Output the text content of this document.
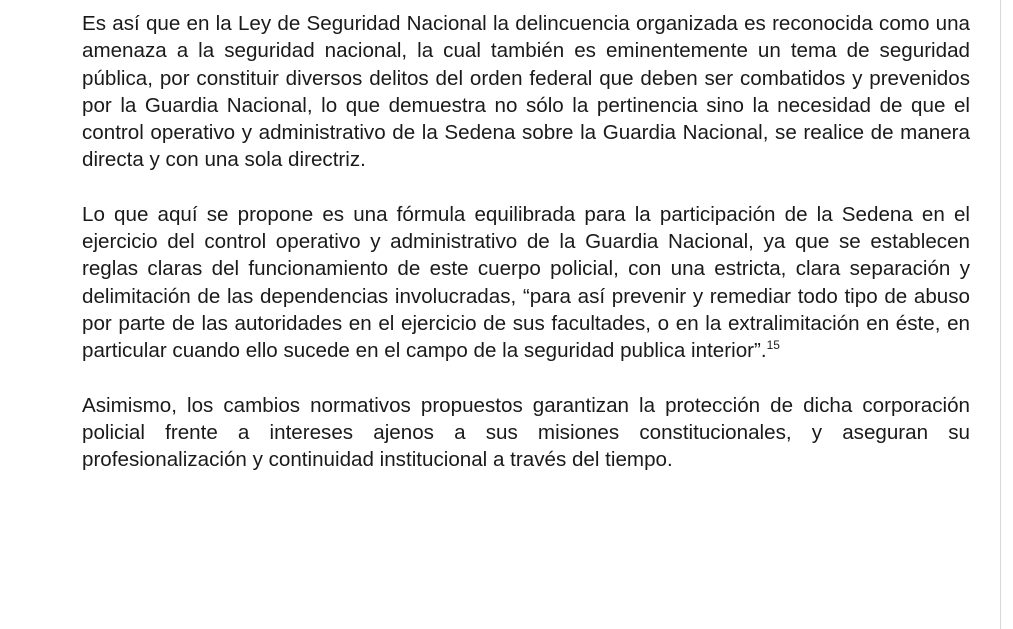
Es así que en la Ley de Seguridad Nacional la delincuencia organizada es reconocida como una amenaza a la seguridad nacional, la cual también es eminentemente un tema de seguridad pública, por constituir diversos delitos del orden federal que deben ser combatidos y prevenidos por la Guardia Nacional, lo que demuestra no sólo la pertinencia sino la necesidad de que el control operativo y administrativo de la Sedena sobre la Guardia Nacional, se realice de manera directa y con una sola directriz.

Lo que aquí se propone es una fórmula equilibrada para la participación de la Sedena en el ejercicio del control operativo y administrativo de la Guardia Nacional, ya que se establecen reglas claras del funcionamiento de este cuerpo policial, con una estricta, clara separación y delimitación de las dependencias involucradas, “para así prevenir y remediar todo tipo de abuso por parte de las autoridades en el ejercicio de sus facultades, o en la extralimitación en éste, en particular cuando ello sucede en el campo de la seguridad publica interior”.$^{15}$

Asimismo, los cambios normativos propuestos garantizan la protección de dicha corporación policial frente a intereses ajenos a sus misiones constitucionales, y aseguran su profesionalización y continuidad institucional a través del tiempo.
